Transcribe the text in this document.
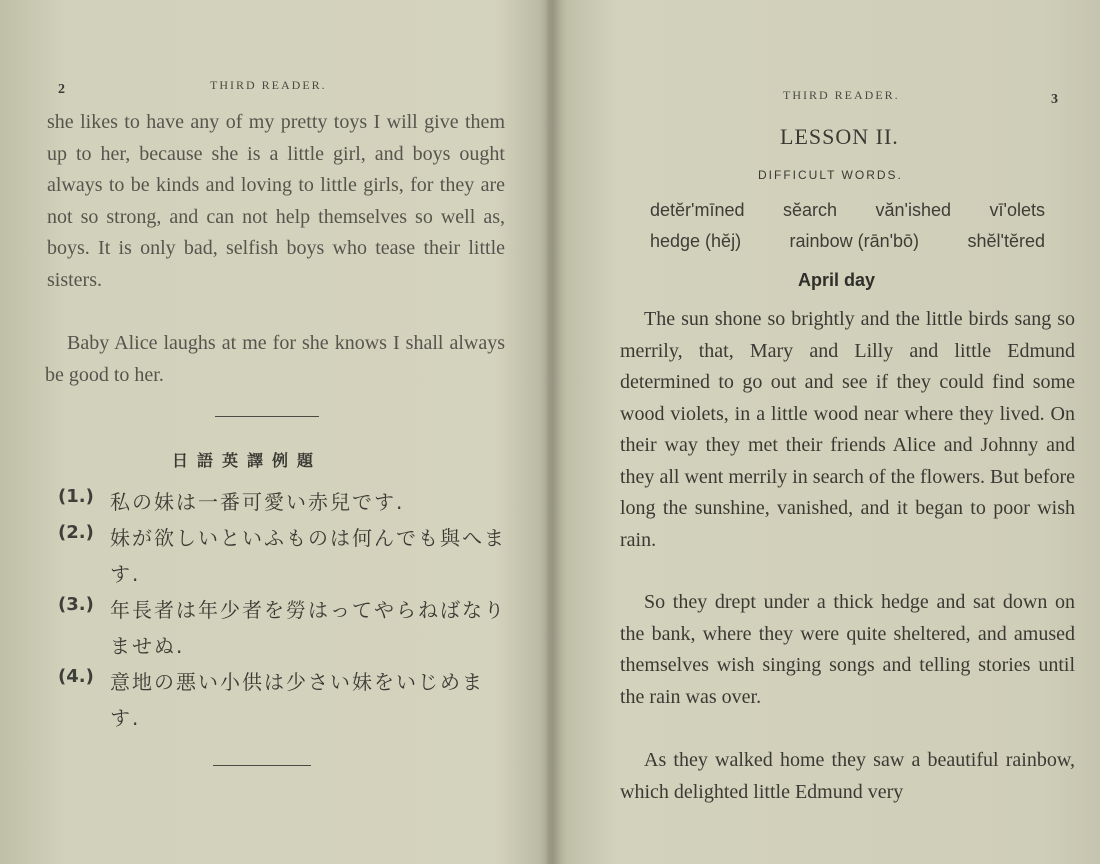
2	THIRD READER.

she likes to have any of my pretty toys I will give them up to her, because she is a little girl, and boys ought always to be kinds and loving to little girls, for they are not so strong, and can not help themselves so well as, boys. It is only bad, selfish boys who tease their little sisters.

Baby Alice laughs at me for she knows I shall always be good to her.

日語英譯例題
(1.) 私の妹は一番可愛い赤兒です.

(2.) 妹が欲しいといふものは何んでも與へます.

(3.) 年長者は年少者を勞はってやらねばなりませぬ.

(4.) 意地の悪い小供は少さい妹をいじめます.

THIRD READER.	3
LESSON II.
DIFFICULT WORDS.
detĕr'mīned sĕarch văn'ished vī'olets
hedge (hĕj)	rainbow (rān'bō)	shĕl'tĕred
April day

The sun shone so brightly and the little birds sang so merrily, that, Mary and Lilly and little Edmund determined to go out and see if they could find some wood violets, in a little wood near where they lived. On their way they met their friends Alice and Johnny and they all went merrily in search of the flowers. But before long the sunshine, vanished, and it began to poor wish rain.

So they drept under a thick hedge and sat down on the bank, where they were quite sheltered, and amused themselves wish singing songs and telling stories until the rain was over.

As they walked home they saw a beautiful rainbow, which delighted little Edmund very
